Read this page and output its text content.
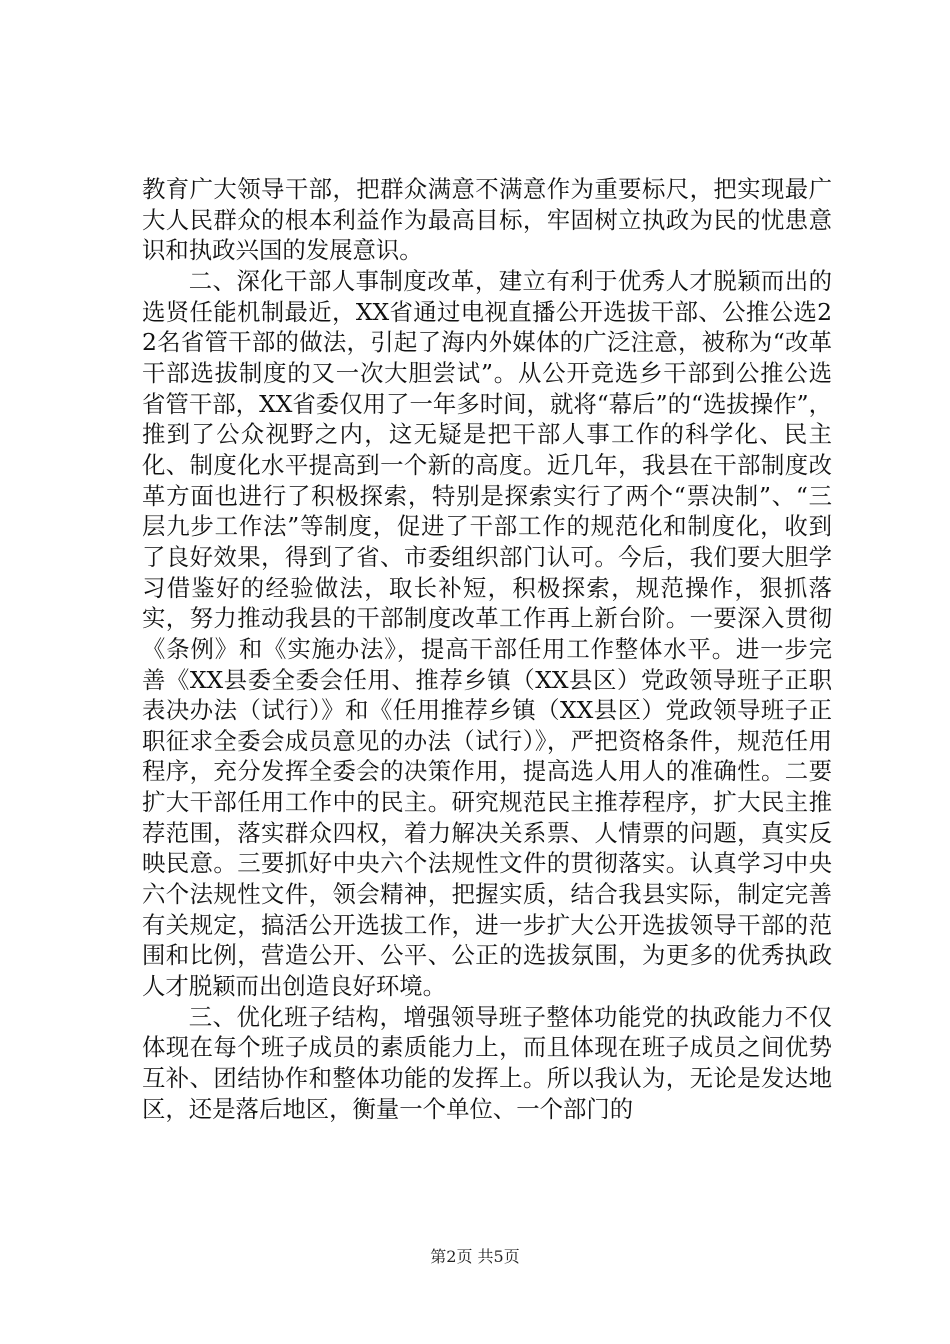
教育广大领导干部，把群众满意不满意作为重要标尺，把实现最广大人民群众的根本利益作为最高目标，牢固树立执政为民的忧患意识和执政兴国的发展意识。

二、深化干部人事制度改革，建立有利于优秀人才脱颖而出的选贤任能机制最近，XX省通过电视直播公开选拔干部、公推公选22名省管干部的做法，引起了海内外媒体的广泛注意，被称为“改革干部选拔制度的又一次大胆尝试”。从公开竞选乡干部到公推公选省管干部，XX省委仅用了一年多时间，就将“幕后”的“选拔操作”，推到了公众视野之内，这无疑是把干部人事工作的科学化、民主化、制度化水平提高到一个新的高度。近几年，我县在干部制度改革方面也进行了积极探索，特别是探索实行了两个“票决制”、“三层九步工作法”等制度，促进了干部工作的规范化和制度化，收到了良好效果，得到了省、市委组织部门认可。今后，我们要大胆学习借鉴好的经验做法，取长补短，积极探索，规范操作，狠抓落实，努力推动我县的干部制度改革工作再上新台阶。一要深入贯彻《条例》和《实施办法》，提高干部任用工作整体水平。进一步完善《XX县委全委会任用、推荐乡镇（XX县区）党政领导班子正职表决办法（试行）》和《任用推荐乡镇（XX县区）党政领导班子正职征求全委会成员意见的办法（试行）》，严把资格条件，规范任用程序，充分发挥全委会的决策作用，提高选人用人的准确性。二要扩大干部任用工作中的民主。研究规范民主推荐程序，扩大民主推荐范围，落实群众四权，着力解决关系票、人情票的问题，真实反映民意。三要抓好中央六个法规性文件的贯彻落实。认真学习中央六个法规性文件，领会精神，把握实质，结合我县实际，制定完善有关规定，搞活公开选拔工作，进一步扩大公开选拔领导干部的范围和比例，营造公开、公平、公正的选拔氛围，为更多的优秀执政人才脱颖而出创造良好环境。

三、优化班子结构，增强领导班子整体功能党的执政能力不仅体现在每个班子成员的素质能力上，而且体现在班子成员之间优势互补、团结协作和整体功能的发挥上。所以我认为，无论是发达地区，还是落后地区，衡量一个单位、一个部门的

第2页 共5页
